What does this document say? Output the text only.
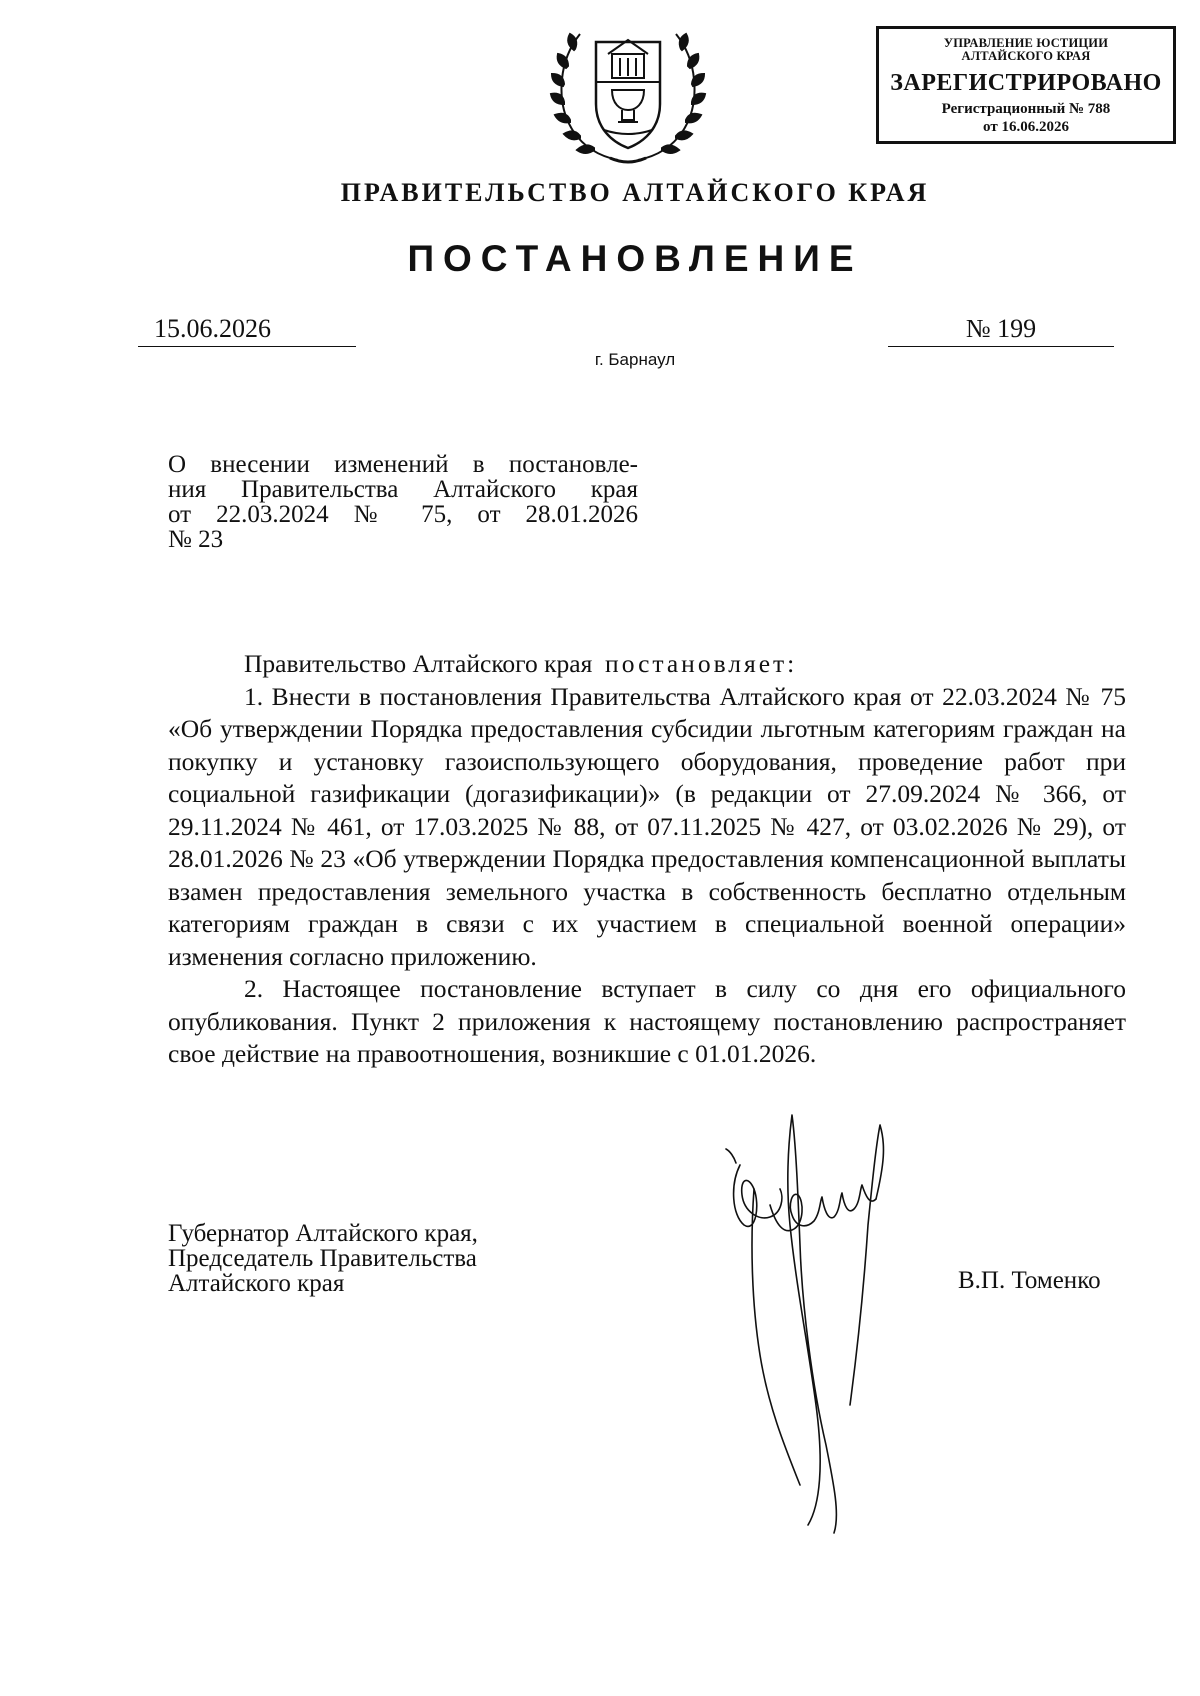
УПРАВЛЕНИЕ ЮСТИЦИИ
АЛТАЙСКОГО КРАЯ
ЗАРЕГИСТРИРОВАНО
Регистрационный № 788
от 16.06.2026
ПРАВИТЕЛЬСТВО АЛТАЙСКОГО КРАЯ
ПОСТАНОВЛЕНИЕ
15.06.2026	№ 199
г. Барнаул
О внесении изменений в постановле-
ния Правительства Алтайского края
от 22.03.2024 № 75, от 28.01.2026
№ 23

Правительство Алтайского края постановляет:

1. Внести в постановления Правительства Алтайского края от 22.03.2024 № 75 «Об утверждении Порядка предоставления субсидии льготным категориям граждан на покупку и установку газоиспользующего оборудования, проведение работ при социальной газификации (догазификации)» (в редакции от 27.09.2024 № 366, от 29.11.2024 № 461, от 17.03.2025 № 88, от 07.11.2025 № 427, от 03.02.2026 № 29), от 28.01.2026 № 23 «Об утверждении Порядка предоставления компенсационной выплаты взамен предоставления земельного участка в собственность бесплатно отдельным категориям граждан в связи с их участием в специальной военной операции» изменения согласно приложению.

2. Настоящее постановление вступает в силу со дня его официального опубликования. Пункт 2 приложения к настоящему постановлению распространяет свое действие на правоотношения, возникшие с 01.01.2026.

Губернатор Алтайского края,
Председатель Правительства
Алтайского края	В.П. Томенко
